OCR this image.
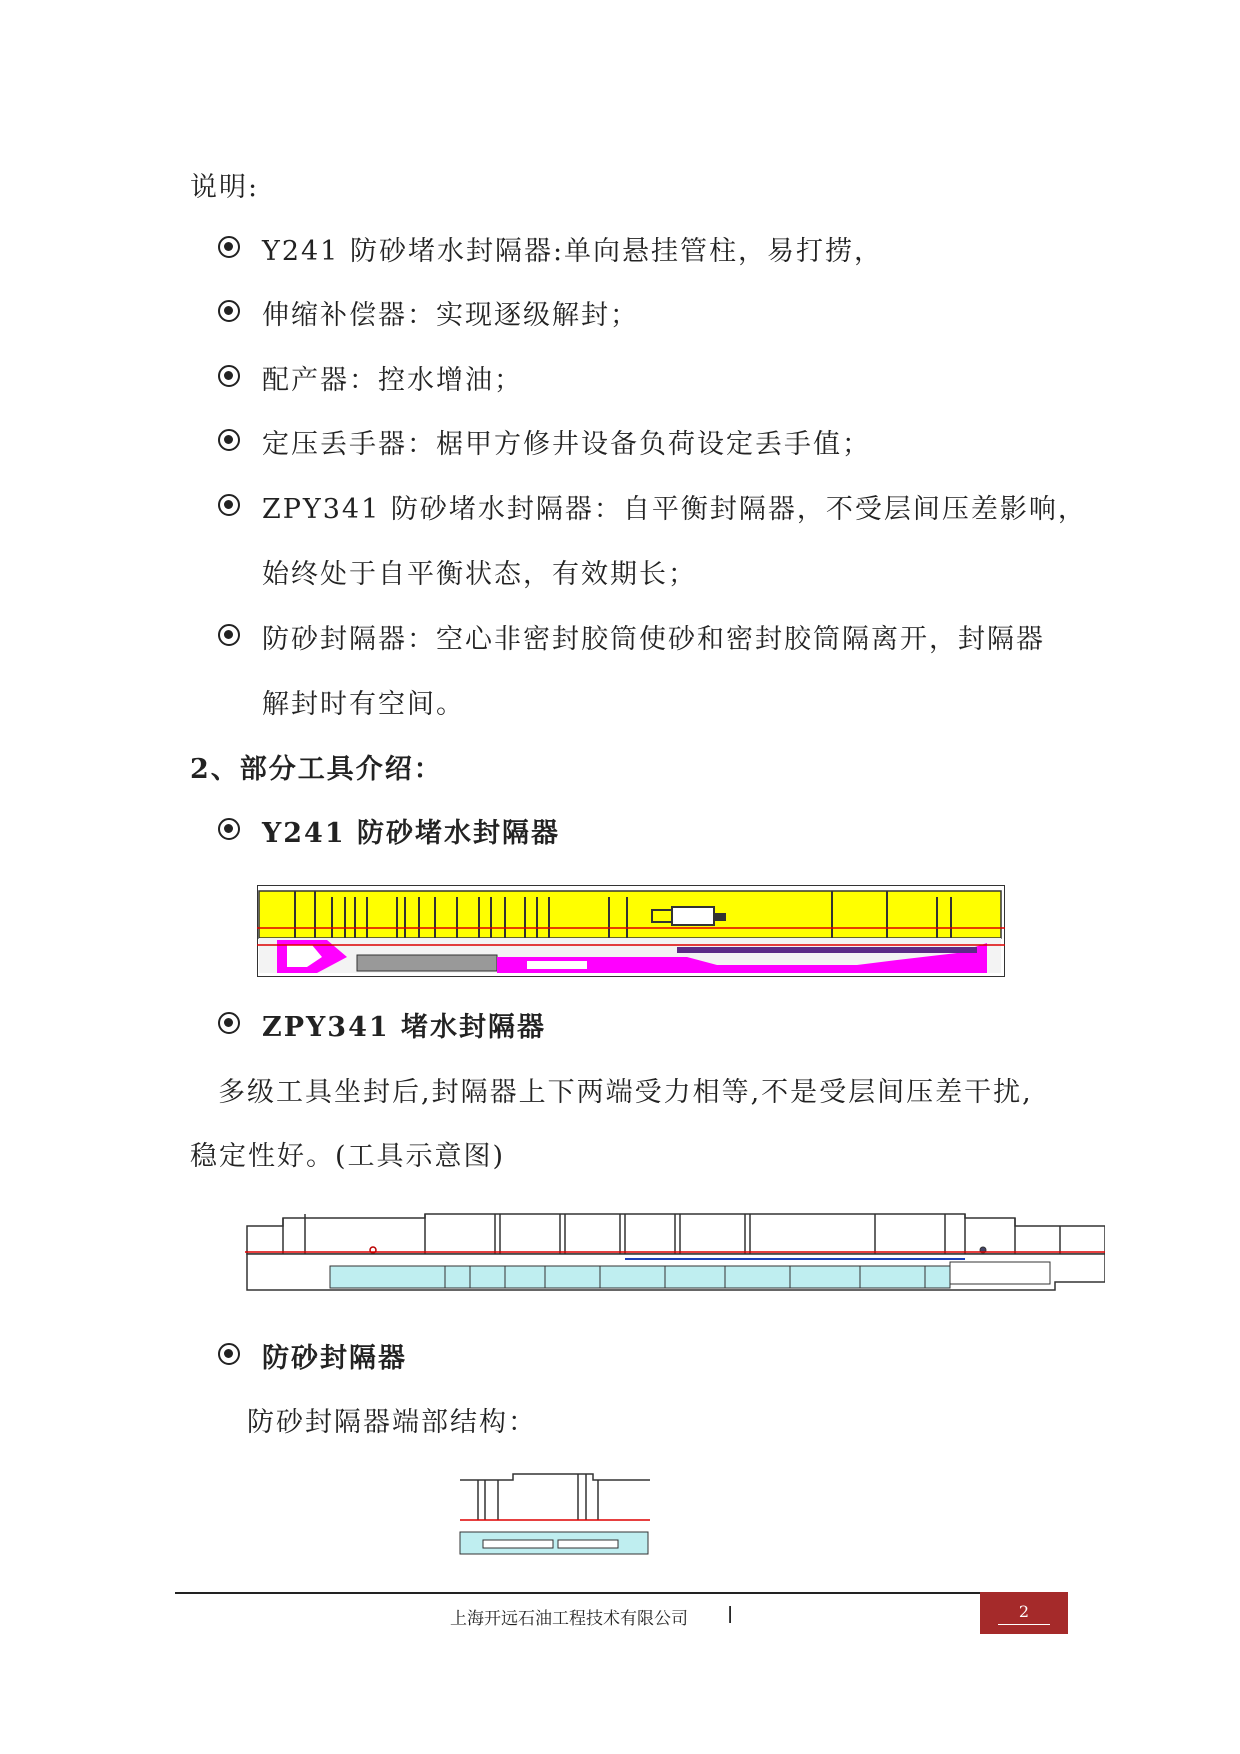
说明:
Y241 防砂堵水封隔器:单向悬挂管柱，易打捞，
伸缩补偿器：实现逐级解封；
配产器：控水增油；
定压丢手器：椐甲方修井设备负荷设定丢手值；
ZPY341 防砂堵水封隔器：自平衡封隔器，不受层间压差影响，
始终处于自平衡状态，有效期长；
防砂封隔器：空心非密封胶筒使砂和密封胶筒隔离开，封隔器
解封时有空间。
2、部分工具介绍：
Y241 防砂堵水封隔器
ZPY341 堵水封隔器
多级工具坐封后,封隔器上下两端受力相等,不是受层间压差干扰,
稳定性好。(工具示意图)
防砂封隔器
防砂封隔器端部结构：
上海开远石油工程技术有限公司 |	2
